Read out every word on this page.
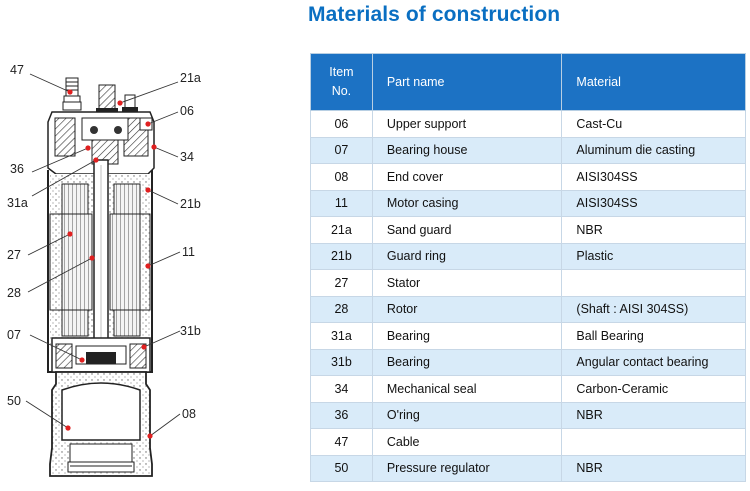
Materials of construction
47
21a
06
36
34
31a	21b
27	11
28
31b
07
50
08
Item
No.	Part name	Material
06	Upper support	Cast-Cu
07	Bearing house	Aluminum die casting
08	End cover	AISI304SS
11	Motor casing	AISI304SS
21a	Sand guard	NBR
21b	Guard ring	Plastic
27	Stator	
28	Rotor	(Shaft : AISI 304SS)
31a	Bearing	Ball Bearing
31b	Bearing	Angular contact bearing
34	Mechanical seal	Carbon-Ceramic
36	O'ring	NBR
47	Cable	
50	Pressure regulator	NBR
